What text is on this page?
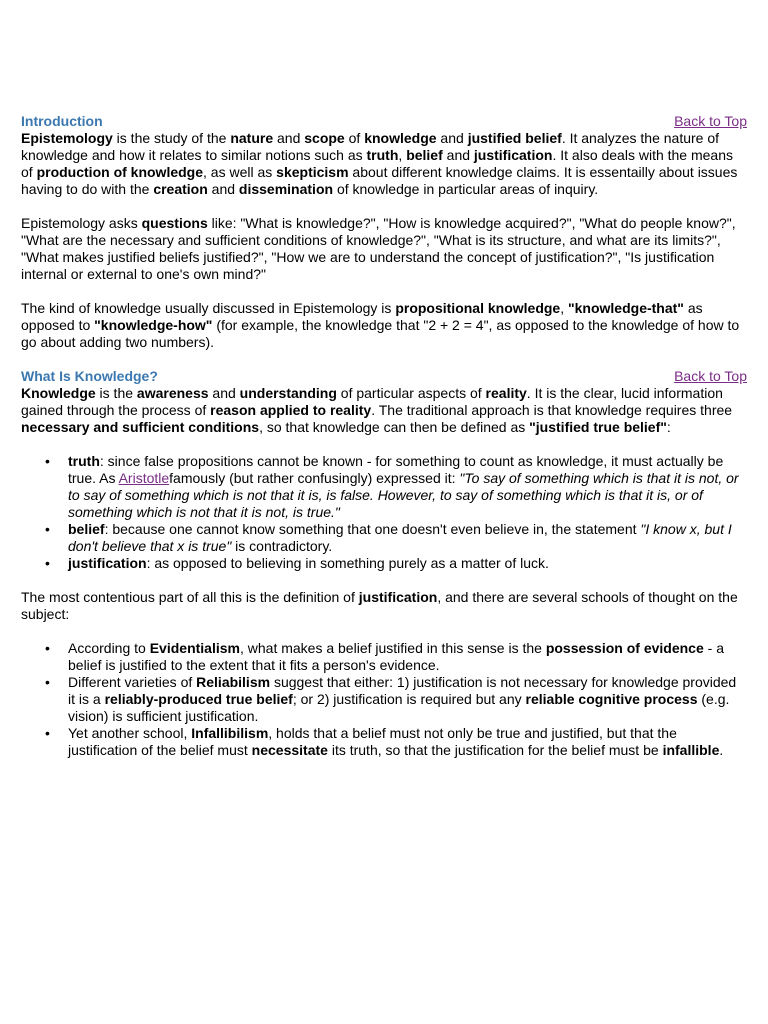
Introduction	Back to Top

Epistemology is the study of the nature and scope of knowledge and justified belief. It analyzes the nature of knowledge and how it relates to similar notions such as truth, belief and justification. It also deals with the means of production of knowledge, as well as skepticism about different knowledge claims. It is essentailly about issues having to do with the creation and dissemination of knowledge in particular areas of inquiry.

Epistemology asks questions like: "What is knowledge?", "How is knowledge acquired?", "What do people know?", "What are the necessary and sufficient conditions of knowledge?", "What is its structure, and what are its limits?", "What makes justified beliefs justified?", "How we are to understand the concept of justification?", "Is justification internal or external to one's own mind?"

The kind of knowledge usually discussed in Epistemology is propositional knowledge, "knowledge-that" as opposed to "knowledge-how" (for example, the knowledge that "2 + 2 = 4", as opposed to the knowledge of how to go about adding two numbers).

What Is Knowledge?	Back to Top

Knowledge is the awareness and understanding of particular aspects of reality. It is the clear, lucid information gained through the process of reason applied to reality. The traditional approach is that knowledge requires three necessary and sufficient conditions, so that knowledge can then be defined as "justified true belief":

• truth: since false propositions cannot be known - for something to count as knowledge, it must actually be true. As Aristotlefamously (but rather confusingly) expressed it: "To say of something which is that it is not, or to say of something which is not that it is, is false. However, to say of something which is that it is, or of something which is not that it is not, is true."
• belief: because one cannot know something that one doesn't even believe in, the statement "I know x, but I don't believe that x is true" is contradictory.
• justification: as opposed to believing in something purely as a matter of luck.

The most contentious part of all this is the definition of justification, and there are several schools of thought on the subject:

• According to Evidentialism, what makes a belief justified in this sense is the possession of evidence - a belief is justified to the extent that it fits a person's evidence.
• Different varieties of Reliabilism suggest that either: 1) justification is not necessary for knowledge provided it is a reliably-produced true belief; or 2) justification is required but any reliable cognitive process (e.g. vision) is sufficient justification.
• Yet another school, Infallibilism, holds that a belief must not only be true and justified, but that the justification of the belief must necessitate its truth, so that the justification for the belief must be infallible.
